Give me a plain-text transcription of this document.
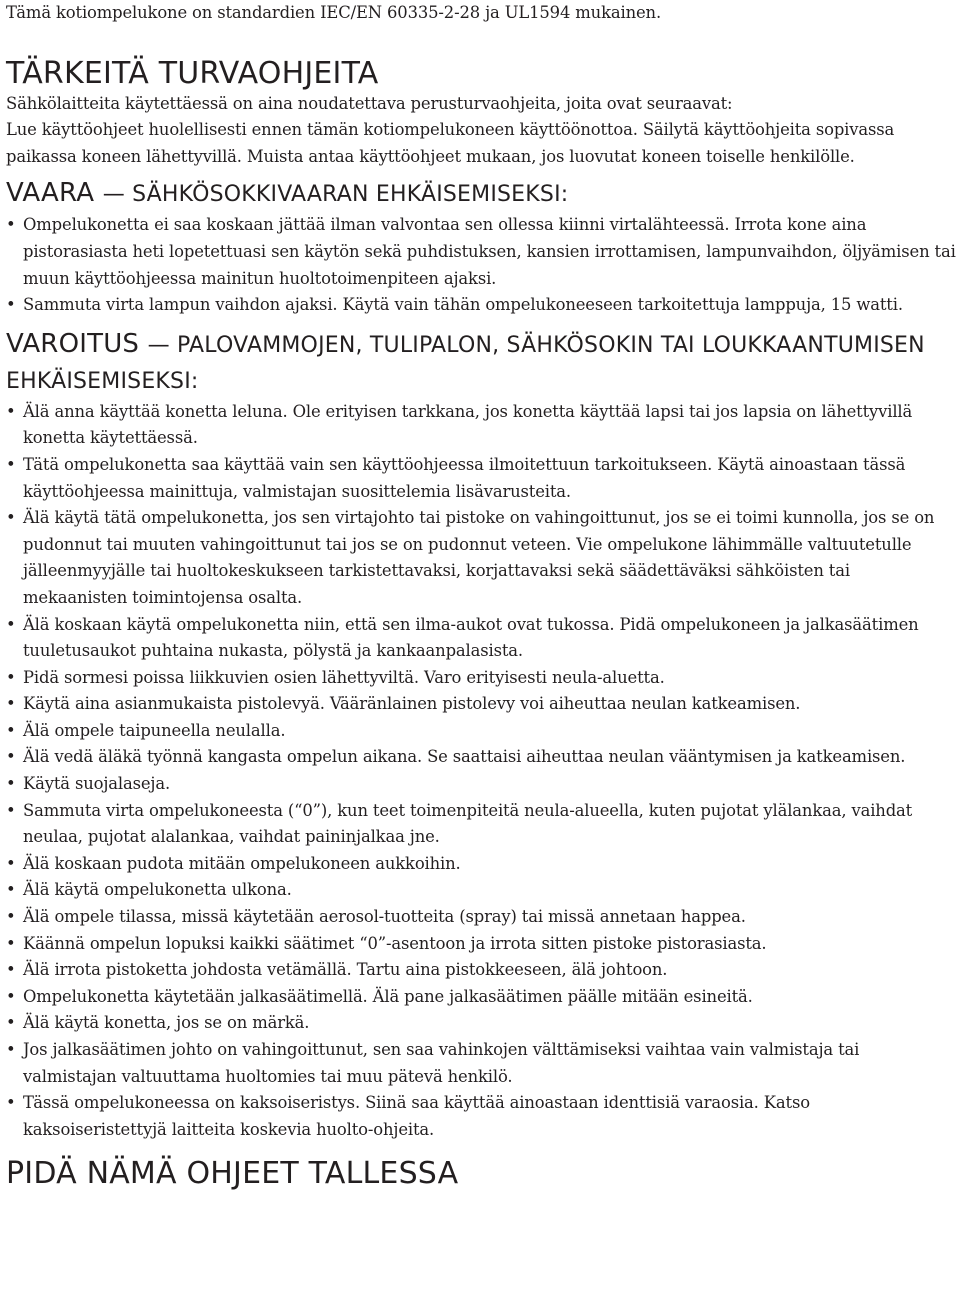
Tämä kotiompelukone on standardien IEC/EN 60335-2-28 ja UL1594 mukainen.

TÄRKEITÄ TURVAOHJEITA

Sähkölaitteita käytettäessä on aina noudatettava perusturvaohjeita, joita ovat seuraavat:

Lue käyttöohjeet huolellisesti ennen tämän kotiompelukoneen käyttöönottoa. Säilytä käyttöohjeita sopivassa paikassa koneen lähettyvillä. Muista antaa käyttöohjeet mukaan, jos luovutat koneen toiselle henkilölle.

VAARA — SÄHKÖSOKKIVAARAN EHKÄISEMISEKSI:
• Ompelukonetta ei saa koskaan jättää ilman valvontaa sen ollessa kiinni virtalähteessä. Irrota kone aina pistorasiasta heti lopetettuasi sen käytön sekä puhdistuksen, kansien irrottamisen, lampunvaihdon, öljyämisen tai muun käyttöohjeessa mainitun huoltotoimenpiteen ajaksi.
• Sammuta virta lampun vaihdon ajaksi. Käytä vain tähän ompelukoneeseen tarkoitettuja lamppuja, 15 watti.
VAROITUS — PALOVAMMOJEN, TULIPALON, SÄHKÖSOKIN TAI LOUKKAANTUMISEN EHKÄISEMISEKSI:
• Älä anna käyttää konetta leluna. Ole erityisen tarkkana, jos konetta käyttää lapsi tai jos lapsia on lähettyvillä konetta käytettäessä.
• Tätä ompelukonetta saa käyttää vain sen käyttöohjeessa ilmoitettuun tarkoitukseen. Käytä ainoastaan tässä käyttöohjeessa mainittuja, valmistajan suosittelemia lisävarusteita.
• Älä käytä tätä ompelukonetta, jos sen virtajohto tai pistoke on vahingoittunut, jos se ei toimi kunnolla, jos se on pudonnut tai muuten vahingoittunut tai jos se on pudonnut veteen. Vie ompelukone lähimmälle valtuutetulle jälleenmyyjälle tai huoltokeskukseen tarkistettavaksi, korjattavaksi sekä säädettäväksi sähköisten tai mekaanisten toimintojensa osalta.
• Älä koskaan käytä ompelukonetta niin, että sen ilma-aukot ovat tukossa. Pidä ompelukoneen ja jalkasäätimen tuuletusaukot puhtaina nukasta, pölystä ja kankaanpalasista.
• Pidä sormesi poissa liikkuvien osien lähettyviltä. Varo erityisesti neula-aluetta.
• Käytä aina asianmukaista pistolevyä. Vääränlainen pistolevy voi aiheuttaa neulan katkeamisen.
• Älä ompele taipuneella neulalla.
• Älä vedä äläkä työnnä kangasta ompelun aikana. Se saattaisi aiheuttaa neulan vääntymisen ja katkeamisen.
• Käytä suojalaseja.
• Sammuta virta ompelukoneesta (“0”), kun teet toimenpiteitä neula-alueella, kuten pujotat ylälankaa, vaihdat neulaa, pujotat alalankaa, vaihdat paininjalkaa jne.
• Älä koskaan pudota mitään ompelukoneen aukkoihin.
• Älä käytä ompelukonetta ulkona.
• Älä ompele tilassa, missä käytetään aerosol-tuotteita (spray) tai missä annetaan happea.
• Käännä ompelun lopuksi kaikki säätimet “0”-asentoon ja irrota sitten pistoke pistorasiasta.
• Älä irrota pistoketta johdosta vetämällä. Tartu aina pistokkeeseen, älä johtoon.
• Ompelukonetta käytetään jalkasäätimellä. Älä pane jalkasäätimen päälle mitään esineitä.
• Älä käytä konetta, jos se on märkä.
• Jos jalkasäätimen johto on vahingoittunut, sen saa vahinkojen välttämiseksi vaihtaa vain valmistaja tai valmistajan valtuuttama huoltomies tai muu pätevä henkilö.
• Tässä ompelukoneessa on kaksoiseristys. Siinä saa käyttää ainoastaan identtisiä varaosia. Katso kaksoiseristettyjä laitteita koskevia huolto-ohjeita.
PIDÄ NÄMÄ OHJEET TALLESSA
